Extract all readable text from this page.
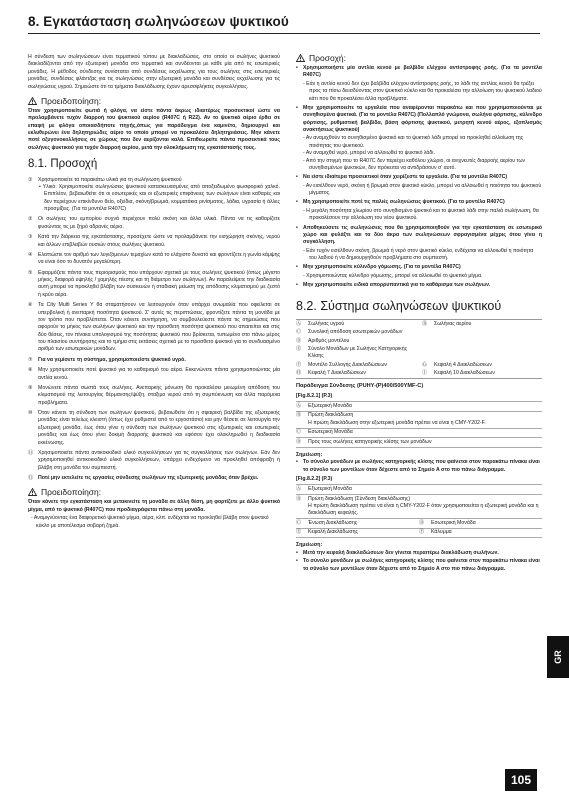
8. Εγκατάσταση σωληνώσεων ψυκτικού

Η σύνδεση των σωληνώσεων είναι τερματικού τύπου με διακλαδώσεις, στο οποίο οι σωλήνες ψυκτικού διακλαδίζονται από την εξωτερική μονάδα στο τερματικό και συνδέονται με κάθε μία από τις εσωτερικές μονάδες. Η μέθοδος σύνδεσης συνίσταται από συνδέσεις εκχείλωσης για τους σωλήνες στις εσωτερικές μονάδες, συνδέσεις φλάντζας για τις σωληνώσεις στην εξωτερική μονάδα και συνδέσεις εκχείλωσης για τις σωληνώσεις υγρού. Σημειώστε ότι τα τμήματα διακλάδωσης έχουν αρεσσφλήκτες συγκολλήσεις.

Προειδοποίηση:
Όταν χρησιμοποιείτε φωτιά ή φλόγα, να είστε πάντα άκρως ιδιαιτέρως προσεκτικοί ώστε να προλαμβάνετε τυχόν διαρροή του ψυκτικού αερίου (R407C ή R22). Αν το ψυκτικό αέριο έρθει σε επαφή με φλόγα οποιασδήποτε πηγής,όπως για παράδειγμα ένα καμινέτο, δημιουργεί και εκλυθερώνει ένα δηλητηριώδες αέριο το οποίο μπορεί να προκαλέσει δηλητηριάσεις. Μην κάνετε ποτέ οξυγονοκολλήσεις σε χώρους που δεν αερίζονται καλά. Επιθεωρείτε πάντα προσεκτικά τους σωλήνες ψυκτικού για τυχόν διαρροή αερίου, μετά την ολοκλήρωση της εγκατάστασής τους.
8.1. Προσοχή
①	Χρησιμοποιείτε τα παρακάτω υλικά για τη σωλήνωση ψυκτικού
• Υλικό: Χρησιμοποιείτε σωληνώσεις ψυκτικού κατασκευασμένες από αποξειδωμένο φωσφορικό χαλκό. Επιπλέον, βεβαιωθείτε ότι οι εσωτερικές και οι εξωτερικές επιφάνειες των σωλήνων είναι καθαρές και δεν περιέχουν επικίνδυνο θείο, οξείδια, σκόνη/βρωμιά, κομματάκια ρινίσματος, λάδια, υγρασία ή άλλες προσμίξεις. (Για τα μοντέλα R407C)
②	Οι σωλήνες του εμπορίου συχνά περιέχουν πολύ σκόνη και άλλα υλικά. Πάντα να τις καθαρίζετε φυσώντας τις με ξηρό αδρανές αέριο.
③	Κατά την διάρκεια της εγκατάστασης, προσέχετε ώστε να προλαμβάνετε την εισχώρηση σκόνης, νερού και άλλων επιβλαβών ουσιών στους σωλήνες ψυκτικού.
④	Ελαττώστε τον αριθμό των λυγιζόμενων τεμαχίων κατά το ελάχιστο δυνατό και φροντίζετε η γωνία κάμψης να είναι όσο το δυνατόν μεγαλύτερη.
⑤	Εφαρμόζετε πάντα τους περιορισμούς που υπάρχουν σχετικά με τους σωλήνες ψυκτικού (όπως μέγιστο μήκος, διαφορά υψηλής / χαμηλής πίεσης και τη διάμετρο των σωλήνων). Αν παραλείψετε την διαδικασία αυτή μπορεί να προκληθεί βλάβη των συσκευών ή σταδιακή μείωση της απόδοσης κλιματισμού με ζεστό ή κρύο αέρα.
⑥	Τα City Multi Series Y θα σταματήσουν να λειτουργούν όταν υπάρχει ανωμαλία που οφείλεται σε υπερβολική ή ανεπαρκή ποσότητα ψυκτικού. Σ' αυτές τις περιπτώσεις, φροντίζετε πάντα τη μονάδα με τον τρόπο που προβλέπεται. Όταν κάνετε συντήρηση, να συμβουλεύεστε πάντα τις σημειώσεις που αφορούν το μήκος των σωλήνων ψυκτικού και την προσθετη ποσότητα ψυκτικού που απαιτείται και στις δύο θέσεις, τον πίνακα υπολογισμού της ποσότητας ψυκτικού που βρίσκεται, τυπωμένο στο πάνω μέρος του πλαισίου συντήρησης και το τμήμα στις εκτάσεις σχετικά με το προσθετο ψυκτικό για το συνδυασμένο αριθμό των εσωτερικών μονάδων.
⑦	Για να γεμίσετε τη σύστημα, χρησιμοποιείστε ψυκτικό υγρό.
⑧	Μην χρησιμοποιείτε ποτέ ψυκτικό για το καθαρισμό του αέρα. Εκκενώνετε πάντα χρησιμοποιώντας μία αντλία κενού.
⑨	Μονώνετε πάντα σωστά τους σωλήνες. Ανεπαρκής μόνωση θα προκαλέσει μειωμένη απόδοση του κλιματισμού της λειτουργίας θέρμανσης/ψύξη, σταξιμο νερού από τη συμπύκνωση και άλλα παρόμοια προβλήματα.
⑩	Όταν κάνετε τη σύνδεση των σωλήνων ψυκτικού, βεβαιωθείτε ότι η σφαιρική βαλβίδα της εξωτερικής μονάδας είναι τελείως κλειστή (όπως έχει ρυθμιστεί από το εργοστάσιο) και μην θέσετε σε λειτουργία την εξωτερική μονάδα, έως ότου γίνει η σύνδεση των σωλήνων ψυκτικού στις εξωτερικές και εσωτερικές μονάδες και έως ότου γίνει δοκιμή διαρροής ψυκτικού και εφόσον έχει ολοκληρωθεί η διαδικασία εκκένωσης.
⑪ Χρησιμοποιείτε πάντα αντικοκκιδικό υλικό συγκολλήσεων για τις συγκολλήσεις των σωλήνων. Εάν δεν χρησιμοποιηθεί αντικοκκιδικό υλικό συγκολλήσεων, υπάρχει ενδεχόμενο να προκληθεί απόφραξη ή βλάβη στη μονάδα του συμπιεστή.
⑫ Ποτέ μην εκτελείτε τις εργασίες σύνδεσης σωλήνων της εξωτερικής μονάδας όταν βρέχει.
Προειδοποίηση:
Όταν κάνετε την εγκατάσταση και μετακινείτε τη μονάδα σε άλλη θέση, μη φορτίζετε με άλλο ψυκτικό μίγμα, από το ψυκτικό (R407C) που προδιαγράφεται πάνω στη μονάδα.
- Αναμιγνύοντας ένα διαφορετικό ψυκτικό μίγμα, αέρα, κλπ. ενδέχεται να προκληθεί βλάβη στον ψυκτικό κύκλο με αποτέλεσμα σοβαρή ζημιά.
Προσοχή:
• Χρησιμοποιήστε μία αντλία κενού με βαλβίδα ελέγχου αντίστροφης ροής. (Για τα μοντέλα R407C)
- Εάν η αντλία κενού δεν έχει βαλβίδα ελέγχου αντίστροφης ροής, το λάδι της αντλίας κενού θα τρέξει προς τα πίσω διεισδύοντας στον ψυκτικό κύκλο και θα προκαλέσει την αλλοίωση του ψυκτικού λαδιού κάτι που θα προκαλέσει άλλα προβλήματα.
• Μην χρησιμοποιείτε τα εργαλεία που αναφέρονται παρακάτω και που χρησιμοποιούνται με συνηθισμένα ψυκτικά. (Για τα μοντέλα R407C) (Πολλαπλό γνώμονα, σωλήνα φόρτισης, κύλινδρο φόρτισης, ρυθμιστική βαλβίδα, βάση φόρτισης ψυκτικού, μετρητή κενού αέρος, εξοπλισμός ανακτήσεως ψυκτικού)
- Αν αναμιχθούν το συνηθισμένο ψυκτικό και το ψυκτικό λάδι μπορεί να προκληθεί αλλοίωση της ποιότητας του ψυκτικού.
- Αν αναμιχθεί νερό, μπορεί να αλλοιωθεί το ψυκτικό λάδι.
- Από την στιγμή που το R407C δεν περιέχει καθόλου χλώριο, οι ανιχνευτές διαρροής αερίου των συνηθισμένων ψυκτικών, δεν πρόκειται να αντιδράσουν σ' αυτό.
• Να είστε ιδιαίτερα προσεκτικοί όταν χειρίζεστε τα εργαλεία. (Για τα μοντέλα R407C)
- Αν εισέλθουν νερό, σκόνη ή βρωμιά στον ψυκτικό κύκλο, μπορεί να αλλοιωθεί η ποιότητα του ψυκτικού μίγματος.
• Μη χρησιμοποιείτε ποτέ τις παλιές σωληνώσεις ψυκτικού. (Για τα μοντέλα R407C)
- Η μεγάλη ποσότητα χλωρίου στο συνηθισμένο ψυκτικό και το ψυκτικό λάδι στην παλιά σωλήνωση, θα προκαλέσουν την αλλοίωση του νέου ψυκτικού.
• Αποθηκεύσετε τις σωληνώσεις που θα χρησιμοποιηθούν για την εγκατάσταση σε εσωτερικό χώρο και φυλάξτε και τα δύο άκρα των σωληνώσεων σφραγισμένα μέχρις ότου γίνει η συγκόλληση.
- Εάν τυχόν εισέλθουν σκόνη, βρωμιά ή νερό στον ψυκτικό κύκλο, ενδέχεται να αλλοιωθεί η ποιότητα του λαδιού ή να δημιουργηθούν προβλήματα στο συμπιεστή.
• Μην χρησιμοποιείτε κύλινδρο γόμωσης. (Για τα μοντέλα R407C)
- Χρησιμοποιώντας κύλινδρο γόμωσης, μπορεί να αλλοιωθεί το ψυκτικό μίγμα.
• Μην χρησιμοποιείτε ειδικά απορρυπαντικά για το καθάρισμα των σωλήνων.
8.2. Σύστημα σωληνώσεων ψυκτικού
Ⓐ	Σωλήνας υγρού	Ⓑ	Σωλήνας αερίου
Ⓒ	Συνολική απόδοση εσωτερικών μονάδων
Ⓓ	Αριθμός μοντέλου
Ⓔ	Σύνολο Μονάδων με Σωλήνες Κατηγορικής Κλίσης
Ⓕ	Μοντέλο Συλλογής Διακλαδώσεων	Ⓖ	Κεφαλή 4 Διακλαδώσεων
Ⓗ	Κεφαλή 7 Διακλαδώσεων	Ⓘ	Κεφαλή 10 Διακλαδώσεων
Παράδειγμα Σύνδεσης (PUHY-(P)400/500YMF-C)
[Fig.8.2.1] (P.3)
Ⓐ	Εξωτερική Μονάδα
Ⓑ	Πρώτη διακλάδωση
Η πρώτη διακλάδωση στην εξωτερική μονάδα πρέπει να είναι η CMY-Y202-F.
Ⓒ	Εσωτερική Μονάδα
Ⓓ	Προς τους σωλήνες κατηγορικής κλίσης των μονάδων
Σημείωση:
• Το σύνολο μονάδων με σωλήνες κατηγορικής κλίσης που φαίνεται στον παρακάτω πίνακα είναι το σύνολο των μοντέλων όταν δέχεστε από το Σημείο A στο πιο πάνω διάγραμμα.
[Fig.8.2.2] (P.3)
Ⓐ	Εξωτερική Μονάδα
Ⓑ	Πρώτη διακλάδωση (Σύνδεση διακλάδωσης)
Η πρώτη διακλάδωση πρέπει να είναι η CMY-Y202-F όταν χρησιμοποιείται η εξωτερική μονάδα και η διακλάδωση κεφαλής.
Ⓒ	Ένωση Διακλάδωσης	Ⓓ	Εσωτερική Μονάδα
Ⓔ	Κεφαλή Διακλάδωσης	Ⓕ	Κάλυμμα
Σημείωση:
• Μετά την κεφαλή διακλαδώσεων δεν γίνεται περαιτέρω διακλάδωση σωλήνων.
• Το σύνολο μονάδων με σωλήνες κατηγορικής κλίσης που φαίνεται στον παρακάτω πίνακα είναι το σύνολο των μοντέλων όταν δέχεστε από το Σημείο A στο πιο πάνω διάγραμμα.
GR
105
